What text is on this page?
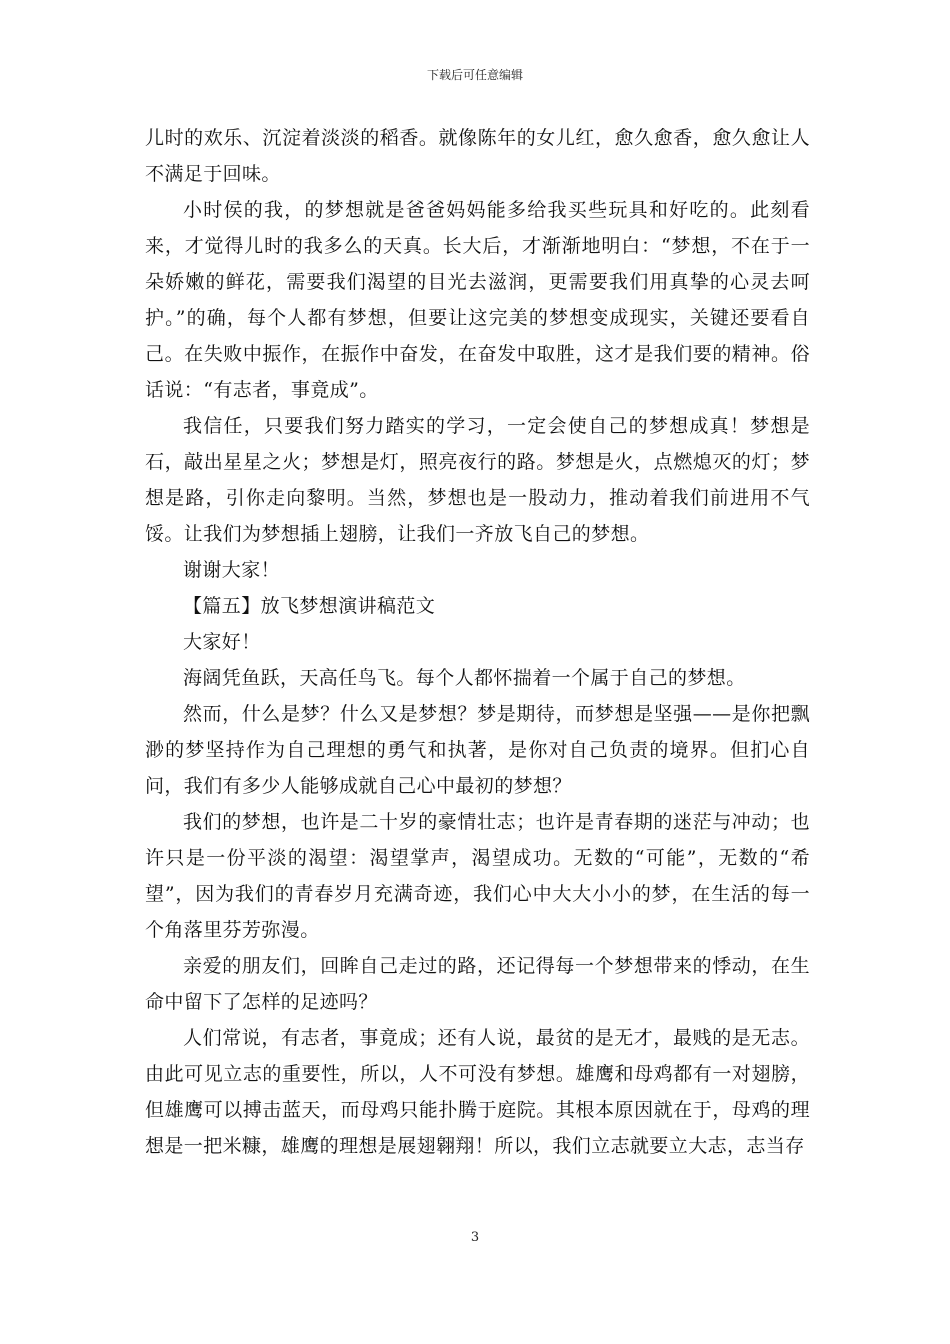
下载后可任意编辑

儿时的欢乐、沉淀着淡淡的稻香。就像陈年的女儿红，愈久愈香，愈久愈让人不满足于回味。

小时侯的我，的梦想就是爸爸妈妈能多给我买些玩具和好吃的。此刻看来，才觉得儿时的我多么的天真。长大后，才渐渐地明白：“梦想，不在于一朵娇嫩的鲜花，需要我们渴望的目光去滋润，更需要我们用真挚的心灵去呵护。”的确，每个人都有梦想，但要让这完美的梦想变成现实，关键还要看自己。在失败中振作，在振作中奋发，在奋发中取胜，这才是我们要的精神。俗话说：“有志者，事竟成”。

我信任，只要我们努力踏实的学习，一定会使自己的梦想成真！梦想是石，敲出星星之火；梦想是灯，照亮夜行的路。梦想是火，点燃熄灭的灯；梦想是路，引你走向黎明。当然，梦想也是一股动力，推动着我们前进用不气馁。让我们为梦想插上翅膀，让我们一齐放飞自己的梦想。

谢谢大家！

【篇五】放飞梦想演讲稿范文

大家好！

海阔凭鱼跃，天高任鸟飞。每个人都怀揣着一个属于自己的梦想。

然而，什么是梦？什么又是梦想？梦是期待，而梦想是坚强——是你把飘渺的梦坚持作为自己理想的勇气和执著，是你对自己负责的境界。但扪心自问，我们有多少人能够成就自己心中最初的梦想？

我们的梦想，也许是二十岁的豪情壮志；也许是青春期的迷茫与冲动；也许只是一份平淡的渴望：渴望掌声，渴望成功。无数的“可能”，无数的“希望”，因为我们的青春岁月充满奇迹，我们心中大大小小的梦，在生活的每一个角落里芬芳弥漫。

亲爱的朋友们，回眸自己走过的路，还记得每一个梦想带来的悸动，在生命中留下了怎样的足迹吗？

人们常说，有志者，事竟成；还有人说，最贫的是无才，最贱的是无志。由此可见立志的重要性，所以，人不可没有梦想。雄鹰和母鸡都有一对翅膀，但雄鹰可以搏击蓝天，而母鸡只能扑腾于庭院。其根本原因就在于，母鸡的理想是一把米糠，雄鹰的理想是展翅翱翔！所以，我们立志就要立大志，志当存

3
